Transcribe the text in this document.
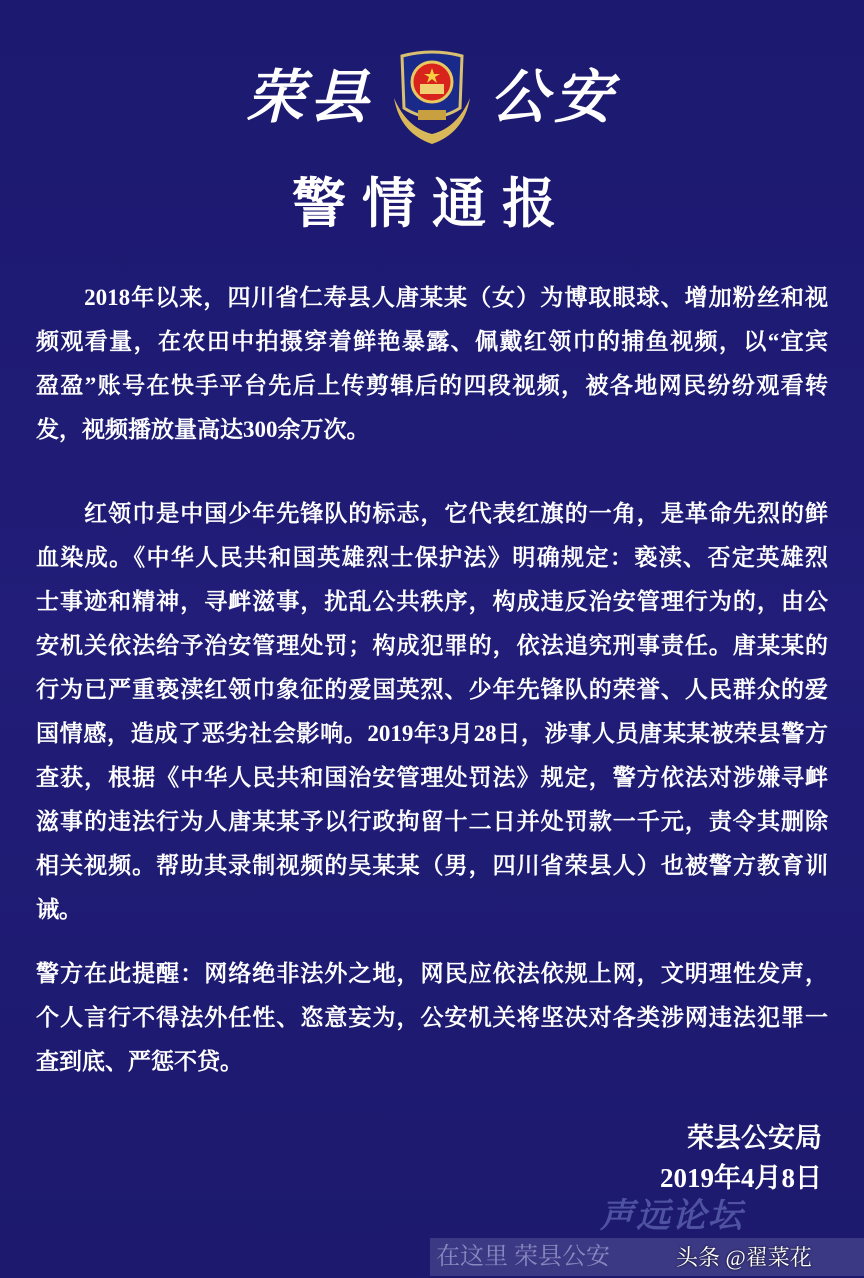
荣县 公安
警情通报
　　2018年以来，四川省仁寿县人唐某某（女）为博取眼球、增加粉丝和视
频观看量，在农田中拍摄穿着鲜艳暴露、佩戴红领巾的捕鱼视频，以“宜宾
盈盈”账号在快手平台先后上传剪辑后的四段视频，被各地网民纷纷观看转
发，视频播放量高达300余万次。
　　红领巾是中国少年先锋队的标志，它代表红旗的一角，是革命先烈的鲜
血染成。《中华人民共和国英雄烈士保护法》明确规定：亵渎、否定英雄烈
士事迹和精神，寻衅滋事，扰乱公共秩序，构成违反治安管理行为的，由公
安机关依法给予治安管理处罚；构成犯罪的，依法追究刑事责任。唐某某的
行为已严重亵渎红领巾象征的爱国英烈、少年先锋队的荣誉、人民群众的爱
国情感，造成了恶劣社会影响。2019年3月28日，涉事人员唐某某被荣县警方
查获，根据《中华人民共和国治安管理处罚法》规定，警方依法对涉嫌寻衅
滋事的违法行为人唐某某予以行政拘留十二日并处罚款一千元，责令其删除
相关视频。帮助其录制视频的吴某某（男，四川省荣县人）也被警方教育训
诫。
警方在此提醒：网络绝非法外之地，网民应依法依规上网，文明理性发声，
个人言行不得法外任性、恣意妄为，公安机关将坚决对各类涉网违法犯罪一
查到底、严惩不贷。
荣县公安局
2019年4月8日
声远论坛
在这里 荣县公安	头条 @翟菜花
